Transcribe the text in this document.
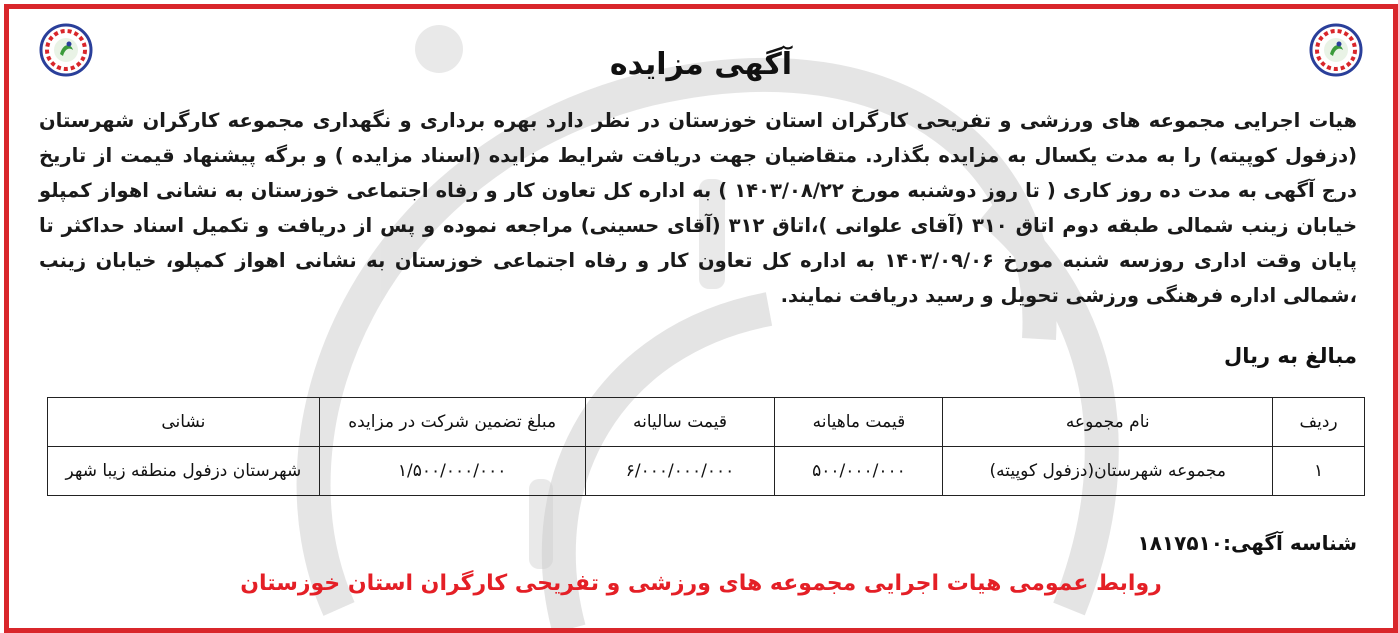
آگهی مزایده
هیات اجرایی مجموعه های ورزشی و تفریحی کارگران استان خوزستان در نظر دارد بهره برداری و نگهداری مجموعه کارگران شهرستان (دزفول کوپیته) را به مدت یکسال به مزایده بگذارد. متقاضیان جهت دریافت شرایط مزایده (اسناد مزایده ) و برگه پیشنهاد قیمت از تاریخ درج آگهی به مدت ده روز کاری ( تا روز دوشنبه مورخ ۱۴۰۳/۰۸/۲۲ ) به اداره کل تعاون کار و رفاه اجتماعی خوزستان به نشانی اهواز کمپلو خیابان زینب شمالی طبقه دوم اتاق ۳۱۰ (آقای علوانی )،اتاق ۳۱۲ (آقای حسینی) مراجعه نموده و پس از دریافت و تکمیل اسناد حداکثر تا پایان وقت اداری روزسه شنبه مورخ ۱۴۰۳/۰۹/۰۶ به اداره کل تعاون کار و رفاه اجتماعی خوزستان به نشانی اهواز کمپلو، خیابان زینب ،شمالی اداره فرهنگی ورزشی تحویل و رسید دریافت نمایند.
مبالغ به ریال
ردیف	نام مجموعه	قیمت ماهیانه	قیمت سالیانه	مبلغ تضمین شرکت در مزایده	نشانی
۱	مجموعه شهرستان(دزفول کوپیته)	۵۰۰/۰۰۰/۰۰۰	۶/۰۰۰/۰۰۰/۰۰۰	۱/۵۰۰/۰۰۰/۰۰۰	شهرستان دزفول منطقه زیبا شهر
شناسه آگهی:۱۸۱۷۵۱۰
روابط عمومی هیات اجرایی مجموعه های ورزشی و تفریحی کارگران استان خوزستان
